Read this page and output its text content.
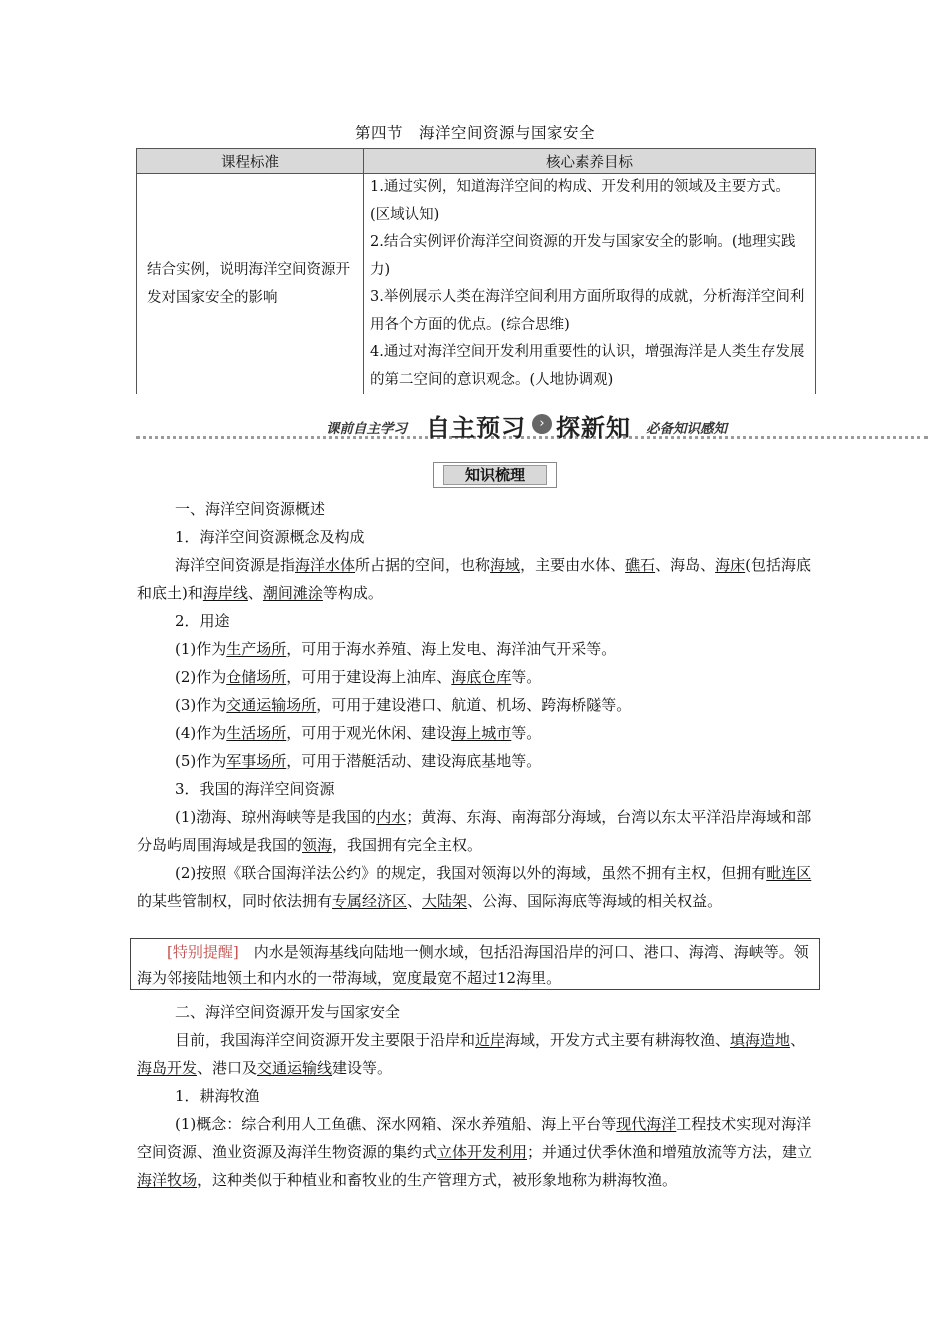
第四节　海洋空间资源与国家安全
课程标准	核心素养目标
结合实例，说明海洋空间资源开发对国家安全的影响	1.通过实例，知道海洋空间的构成、开发利用的领域及主要方式。(区域认知)
2.结合实例评价海洋空间资源的开发与国家安全的影响。(地理实践力)
3.举例展示人类在海洋空间利用方面所取得的成就，分析海洋空间利用各个方面的优点。(综合思维)
4.通过对海洋空间开发利用重要性的认识，增强海洋是人类生存发展的第二空间的意识观念。(人地协调观)
课前自主学习 自主预习	› 探新知 必备知识感知
知识梳理

一、海洋空间资源概述

1．海洋空间资源概念及构成

海洋空间资源是指海洋水体所占据的空间，也称海域，主要由水体、礁石、海岛、海床(包括海底和底土)和海岸线、潮间滩涂等构成。

2．用途

(1)作为生产场所，可用于海水养殖、海上发电、海洋油气开采等。

(2)作为仓储场所，可用于建设海上油库、海底仓库等。

(3)作为交通运输场所，可用于建设港口、航道、机场、跨海桥隧等。

(4)作为生活场所，可用于观光休闲、建设海上城市等。

(5)作为军事场所，可用于潜艇活动、建设海底基地等。

3．我国的海洋空间资源

(1)渤海、琼州海峡等是我国的内水；黄海、东海、南海部分海域，台湾以东太平洋沿岸海域和部分岛屿周围海域是我国的领海，我国拥有完全主权。

(2)按照《联合国海洋法公约》的规定，我国对领海以外的海域，虽然不拥有主权，但拥有毗连区的某些管制权，同时依法拥有专属经济区、大陆架、公海、国际海底等海域的相关权益。

[特别提醒]　内水是领海基线向陆地一侧水域，包括沿海国沿岸的河口、港口、海湾、海峡等。领海为邻接陆地领土和内水的一带海域，宽度最宽不超过12海里。

二、海洋空间资源开发与国家安全

目前，我国海洋空间资源开发主要限于沿岸和近岸海域，开发方式主要有耕海牧渔、填海造地、海岛开发、港口及交通运输线建设等。

1．耕海牧渔

(1)概念：综合利用人工鱼礁、深水网箱、深水养殖船、海上平台等现代海洋工程技术实现对海洋空间资源、渔业资源及海洋生物资源的集约式立体开发利用；并通过伏季休渔和增殖放流等方法，建立海洋牧场，这种类似于种植业和畜牧业的生产管理方式，被形象地称为耕海牧渔。
